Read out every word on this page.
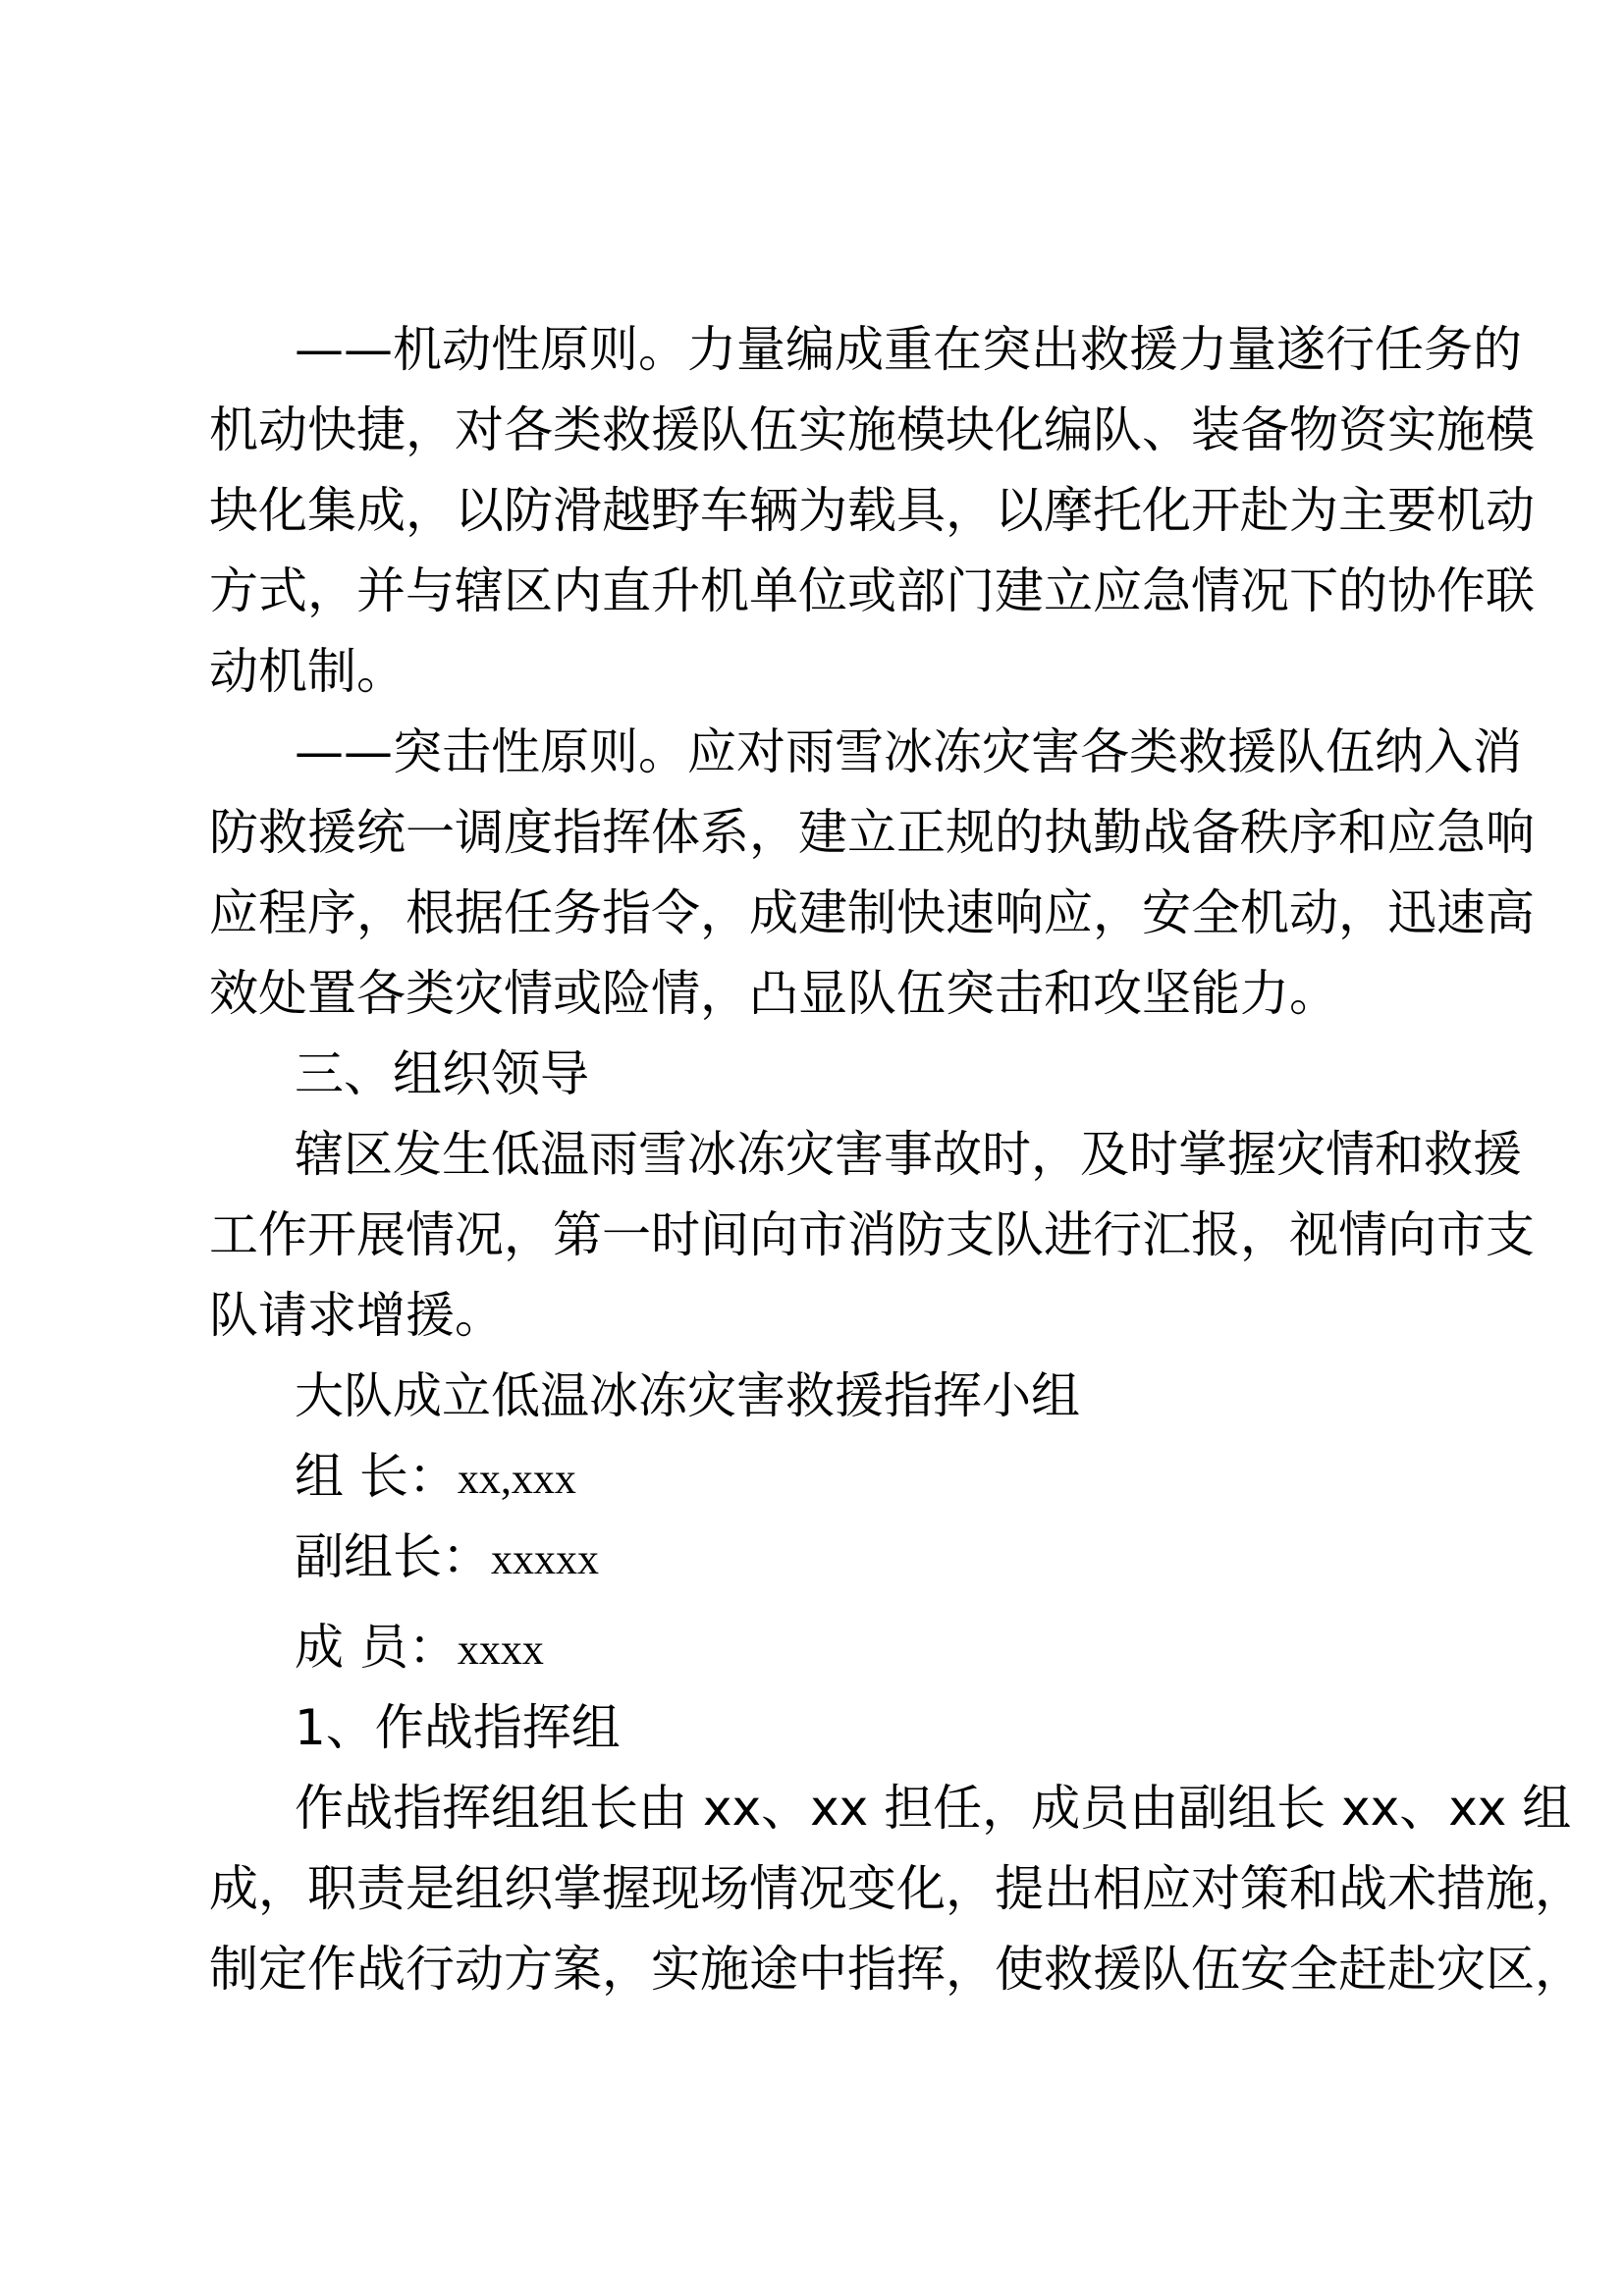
——机动性原则。力量编成重在突出救援力量遂行任务的
机动快捷，对各类救援队伍实施模块化编队、装备物资实施模
块化集成，以防滑越野车辆为载具，以摩托化开赴为主要机动
方式，并与辖区内直升机单位或部门建立应急情况下的协作联
动机制。
——突击性原则。应对雨雪冰冻灾害各类救援队伍纳入消
防救援统一调度指挥体系，建立正规的执勤战备秩序和应急响
应程序，根据任务指令，成建制快速响应，安全机动，迅速高
效处置各类灾情或险情，凸显队伍突击和攻坚能力。
三、组织领导
辖区发生低温雨雪冰冻灾害事故时，及时掌握灾情和救援
工作开展情况，第一时间向市消防支队进行汇报，视情向市支
队请求增援。
大队成立低温冰冻灾害救援指挥小组
组 长：xx,xxx
副组长：xxxxx
成 员：xxxx
1、作战指挥组
作战指挥组组长由 xx、xx 担任，成员由副组长 xx、xx 组
成，职责是组织掌握现场情况变化，提出相应对策和战术措施，
制定作战行动方案，实施途中指挥，使救援队伍安全赶赴灾区，
